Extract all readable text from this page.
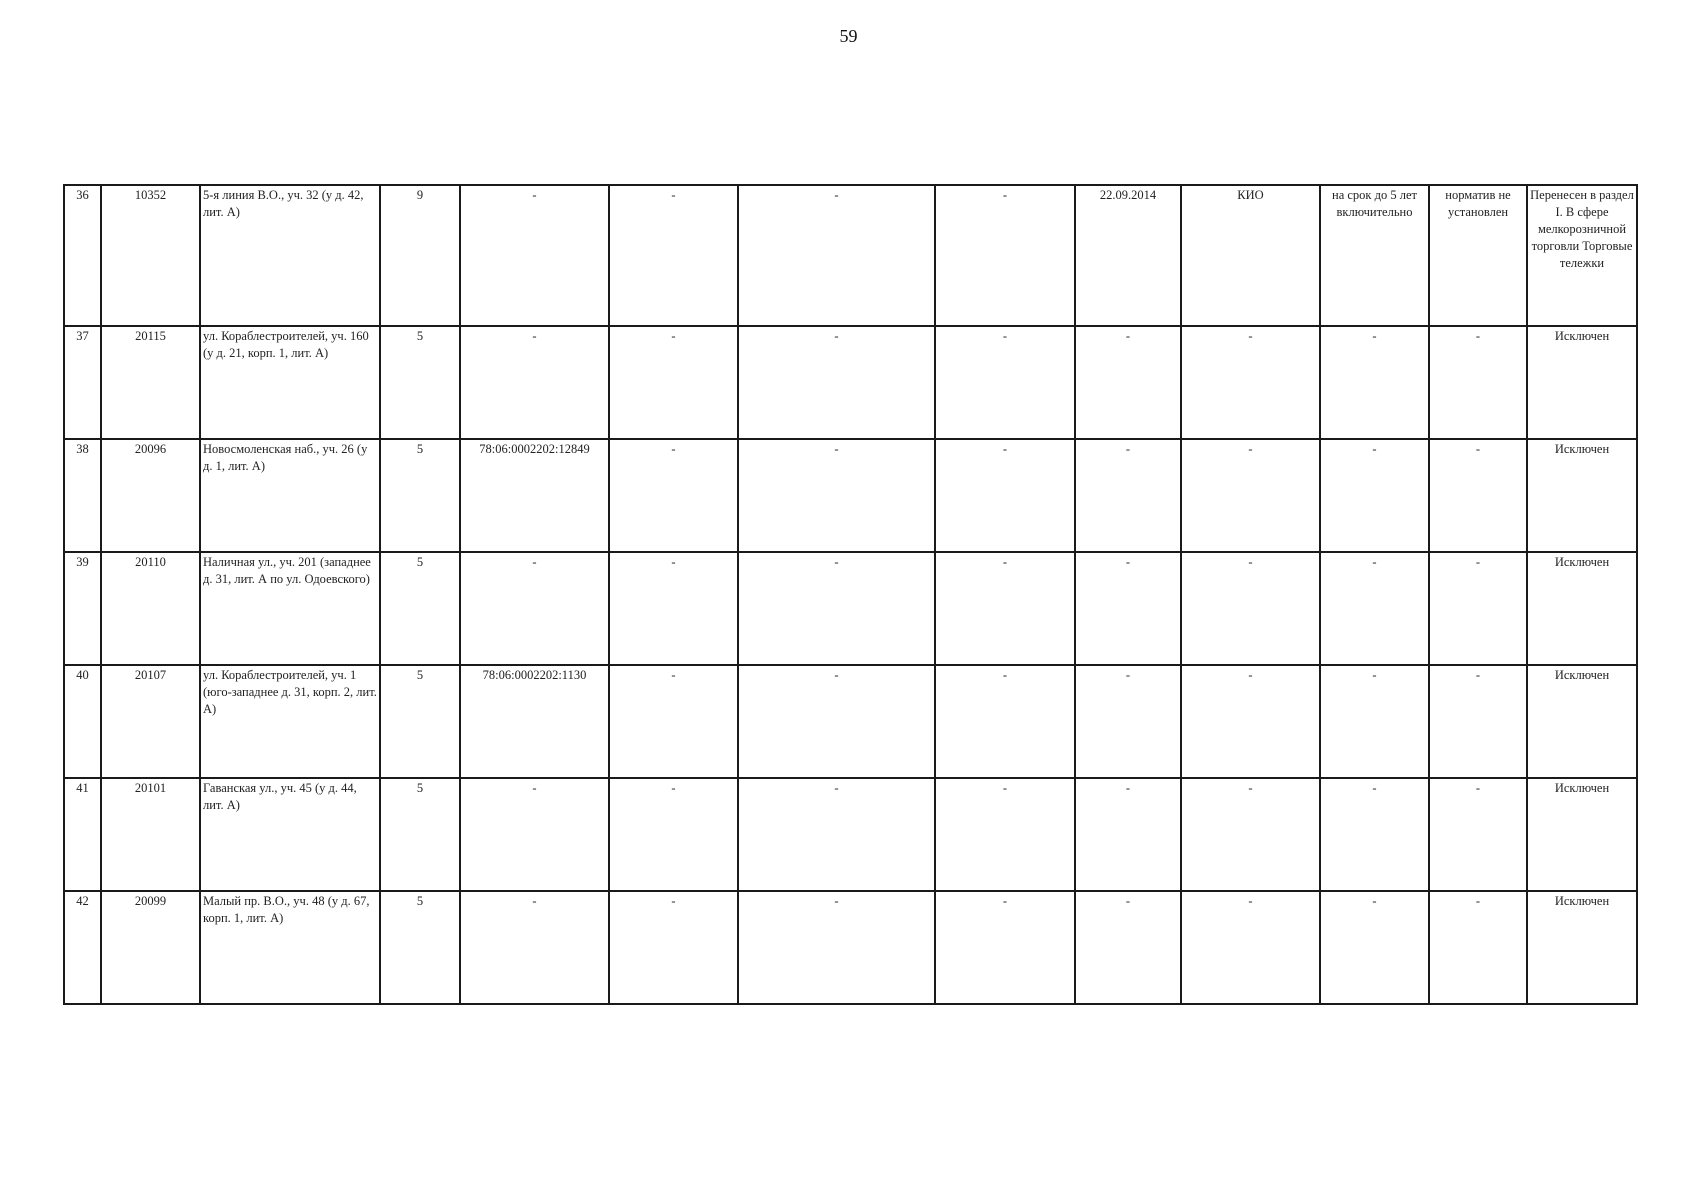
59
36	10352	5-я линия В.О., уч. 32 (у д. 42, лит. А)	9	-	-	-	-	22.09.2014	КИО	на срок до 5 лет включительно	норматив не установлен	Перенесен в раздел I. В сфере мелкорозничной торговли Торговые тележки
37	20115	ул. Кораблестроителей, уч. 160 (у д. 21, корп. 1, лит. А)	5	-	-	-	-	-	-	-	-	Исключен
38	20096	Новосмоленская наб., уч. 26 (у д. 1, лит. А)	5	78:06:0002202:12849	-	-	-	-	-	-	-	Исключен
39	20110	Наличная ул., уч. 201 (западнее д. 31, лит. А по ул. Одоевского)	5	-	-	-	-	-	-	-	-	Исключен
40	20107	ул. Кораблестроителей, уч. 1 (юго-западнее д. 31, корп. 2, лит. А)	5	78:06:0002202:1130	-	-	-	-	-	-	-	Исключен
41	20101	Гаванская ул., уч. 45 (у д. 44, лит. А)	5	-	-	-	-	-	-	-	-	Исключен
42	20099	Малый пр. В.О., уч. 48 (у д. 67, корп. 1, лит. А)	5	-	-	-	-	-	-	-	-	Исключен
